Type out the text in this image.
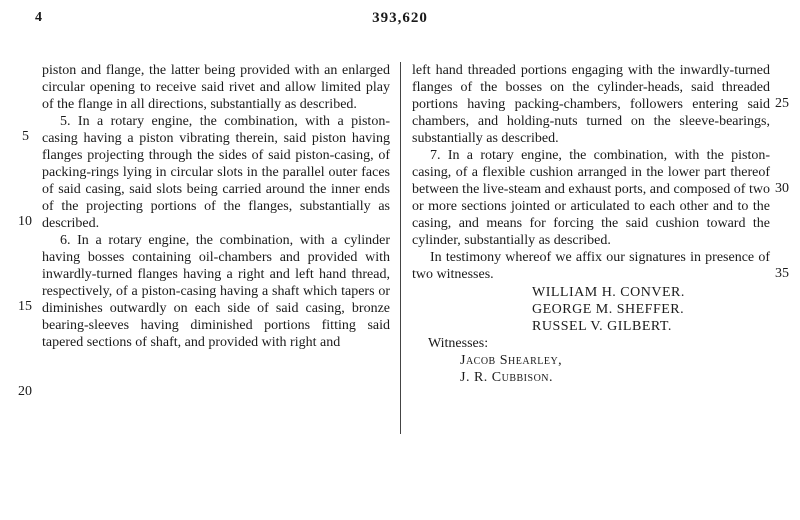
4	393,620
5
10
15
20
25
30
35

piston and flange, the latter being provided with an enlarged circular opening to receive said rivet and allow limited play of the flange in all directions, substantially as described.

5. In a rotary engine, the combination, with a piston-casing having a piston vibrating therein, said piston having flanges projecting through the sides of said piston-casing, of packing-rings lying in circular slots in the parallel outer faces of said casing, said slots being carried around the inner ends of the projecting portions of the flanges, substantially as described.

6. In a rotary engine, the combination, with a cylinder having bosses containing oil-chambers and provided with inwardly-turned flanges having a right and left hand thread, respectively, of a piston-casing having a shaft which tapers or diminishes outwardly on each side of said casing, bronze bearing-sleeves having diminished portions fitting said tapered sections of shaft, and provided with right and

left hand threaded portions engaging with the inwardly-turned flanges of the bosses on the cylinder-heads, said threaded portions having packing-chambers, followers entering said chambers, and holding-nuts turned on the sleeve-bearings, substantially as described.

7. In a rotary engine, the combination, with the piston-casing, of a flexible cushion arranged in the lower part thereof between the live-steam and exhaust ports, and composed of two or more sections jointed or articulated to each other and to the casing, and means for forcing the said cushion toward the cylinder, substantially as described.

In testimony whereof we affix our signatures in presence of two witnesses.

WILLIAM H. CONVER.
GEORGE M. SHEFFER.
RUSSEL V. GILBERT.
Witnesses:
Jacob Shearley,
J. R. Cubbison.
